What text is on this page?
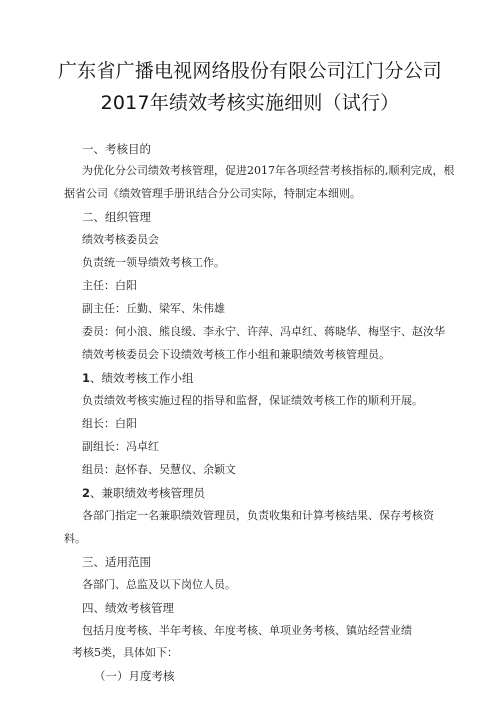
广东省广播电视网络股份有限公司江门分公司
2017年绩效考核实施细则（试行）
一、考核目的
为优化分公司绩效考核管理，促进2017年各项经营考核指标的,顺利完成，根
据省公司《绩效管理手册讯结合分公司实际，特制定本细则。
二、组织管理
绩效考核委员会
负责统一领导绩效考核工作。
主任：白阳
副主任：丘勤、梁军、朱伟雄
委员：何小浪、熊良缓、李永宁、许萍、冯卓红、蒋晓华、梅坚宇、赵汝华
绩效考核委员会下设绩效考核工作小组和兼职绩效考核管理员。
1、绩效考核工作小组
负责绩效考核实施过程的指导和监督，保证绩效考核工作的顺利开展。
组长：白阳
副组长：冯卓红
组员：赵怀春、吴慧仪、余颖文
2、兼职绩效考核管理员
各部门指定一名兼职绩效管理员，负责收集和计算考核结果、保存考核资
料。
三、适用范围
各部门、总监及以下岗位人员。
四、绩效考核管理
包括月度考核、半年考核、年度考核、单项业务考核、镇站经营业绩
考核5类，具体如下：
（一）月度考核
